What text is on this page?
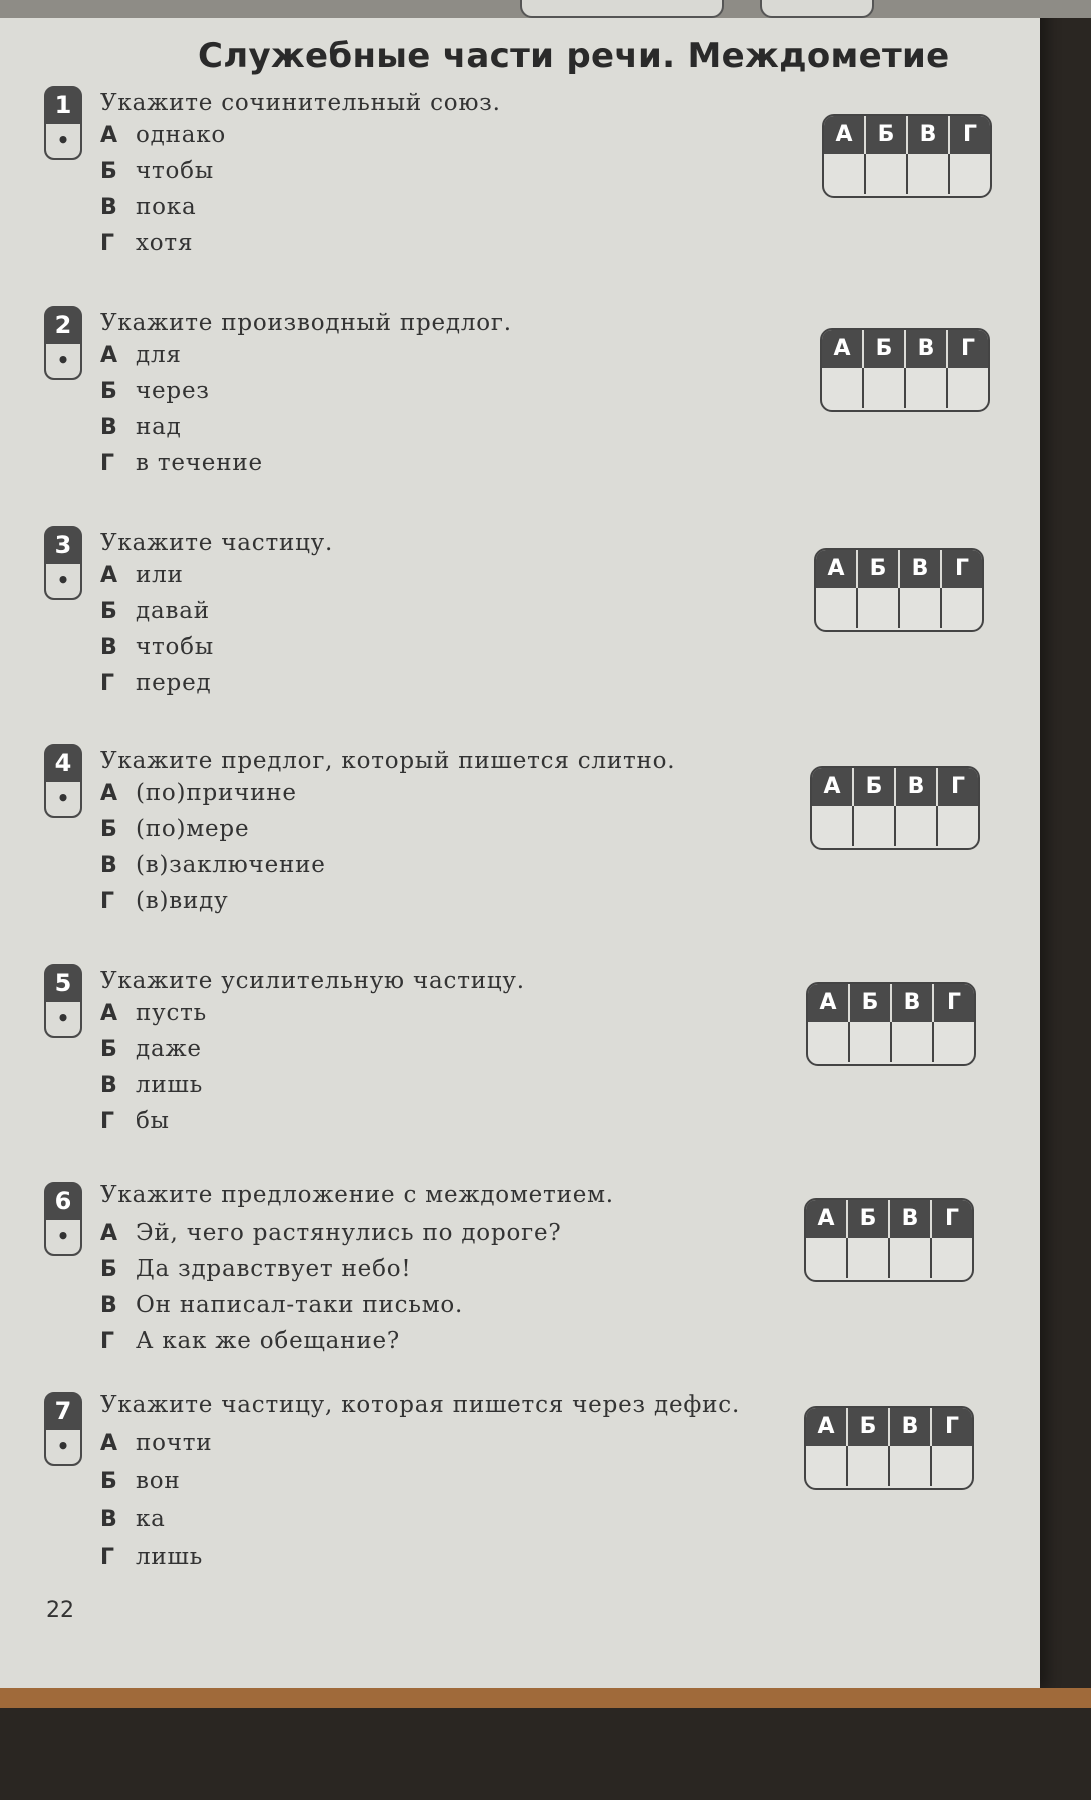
Служебные части речи. Междометие
1
•
Укажите сочинительный союз.
А однако
Б чтобы
В пока
Г хотя
А	Б	В	Г
2
•
Укажите производный предлог.
А для
Б через
В над
Г в течение
А	Б	В	Г
3
•
Укажите частицу.
А или
Б давай
В чтобы
Г перед
А	Б	В	Г
4
•
Укажите предлог, который пишется слитно.
А (по)причине
Б (по)мере
В (в)заключение
Г (в)виду
А	Б	В	Г
5
•
Укажите усилительную частицу.
А пусть
Б даже
В лишь
Г бы
А	Б	В	Г
6
•
Укажите предложение с междометием.
А Эй, чего растянулись по дороге?
Б Да здравствует небо!
В Он написал-таки письмо.
Г А как же обещание?
А	Б	В	Г
7
•
Укажите частицу, которая пишется через дефис.
А почти
Б вон
В ка
Г лишь
А	Б	В	Г
22
